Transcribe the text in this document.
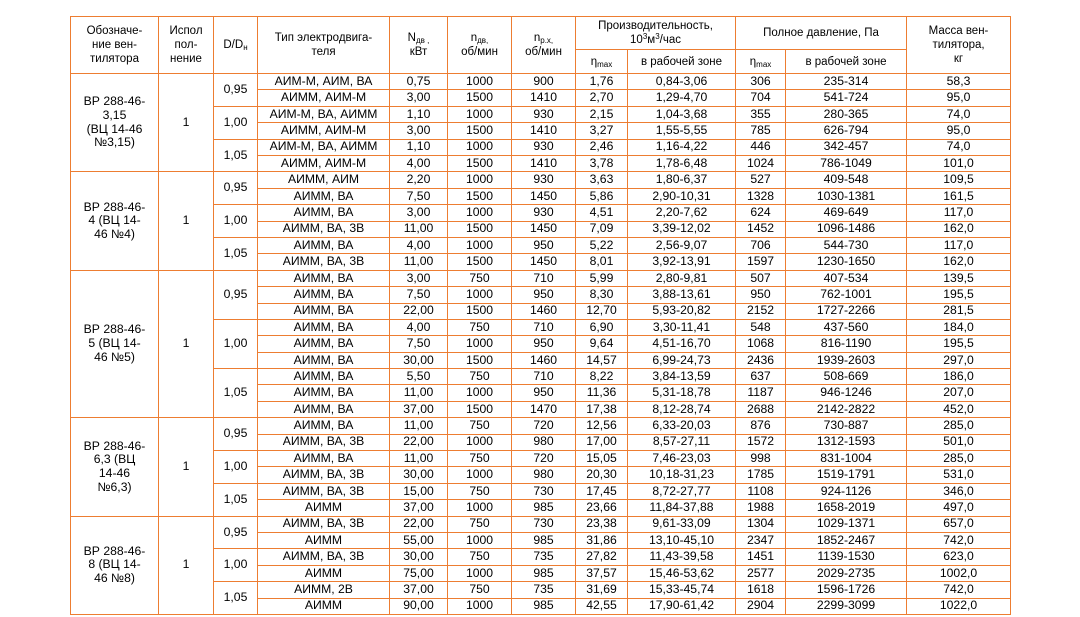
Обозначе-
ние вен-
тилятора	Испол
пол-
нение	$D/D_н$	Тип электродвига-
теля	$N_{дв ,}$
кВт	$n_{дв,}$
об/мин	$n_{р.х,}$
об/мин	Производительность,
$10^3м^3$/час		Полное давление, Па		Масса вен-
тилятора,
кг
							$\eta_{max}$	в рабочей зоне	$\eta_{max}$	в рабочей зоне	
ВР 288-46-
3,15
(ВЦ 14-46
№3,15)	1	0,95	АИМ-М, АИМ, ВА	0,75	1000	900	1,76	0,84-3,06	306	235-314	58,3
			АИММ, АИМ-М	3,00	1500	1410	2,70	1,29-4,70	704	541-724	95,0
		1,00	АИМ-М, ВА, АИММ	1,10	1000	930	2,15	1,04-3,68	355	280-365	74,0
			АИММ, АИМ-М	3,00	1500	1410	3,27	1,55-5,55	785	626-794	95,0
		1,05	АИМ-М, ВА, АИММ	1,10	1000	930	2,46	1,16-4,22	446	342-457	74,0
			АИММ, АИМ-М	4,00	1500	1410	3,78	1,78-6,48	1024	786-1049	101,0
ВР 288-46-
4 (ВЦ 14-
46 №4)	1	0,95	АИММ, АИМ	2,20	1000	930	3,63	1,80-6,37	527	409-548	109,5
			АИММ, ВА	7,50	1500	1450	5,86	2,90-10,31	1328	1030-1381	161,5
		1,00	АИММ, ВА	3,00	1000	930	4,51	2,20-7,62	624	469-649	117,0
			АИММ, ВА, 3В	11,00	1500	1450	7,09	3,39-12,02	1452	1096-1486	162,0
		1,05	АИММ, ВА	4,00	1000	950	5,22	2,56-9,07	706	544-730	117,0
			АИММ, ВА, 3В	11,00	1500	1450	8,01	3,92-13,91	1597	1230-1650	162,0
ВР 288-46-
5 (ВЦ 14-
46 №5)	1	0,95	АИММ, ВА	3,00	750	710	5,99	2,80-9,81	507	407-534	139,5
			АИММ, ВА	7,50	1000	950	8,30	3,88-13,61	950	762-1001	195,5
			АИММ, ВА	22,00	1500	1460	12,70	5,93-20,82	2152	1727-2266	281,5
		1,00	АИММ, ВА	4,00	750	710	6,90	3,30-11,41	548	437-560	184,0
			АИММ, ВА	7,50	1000	950	9,64	4,51-16,70	1068	816-1190	195,5
			АИММ, ВА	30,00	1500	1460	14,57	6,99-24,73	2436	1939-2603	297,0
		1,05	АИММ, ВА	5,50	750	710	8,22	3,84-13,59	637	508-669	186,0
			АИММ, ВА	11,00	1000	950	11,36	5,31-18,78	1187	946-1246	207,0
			АИММ, ВА	37,00	1500	1470	17,38	8,12-28,74	2688	2142-2822	452,0
ВР 288-46-
6,3 (ВЦ
14-46
№6,3)	1	0,95	АИММ, ВА	11,00	750	720	12,56	6,33-20,03	876	730-887	285,0
			АИММ, ВА, 3В	22,00	1000	980	17,00	8,57-27,11	1572	1312-1593	501,0
		1,00	АИММ, ВА	11,00	750	720	15,05	7,46-23,03	998	831-1004	285,0
			АИММ, ВА, 3В	30,00	1000	980	20,30	10,18-31,23	1785	1519-1791	531,0
		1,05	АИММ, ВА, 3В	15,00	750	730	17,45	8,72-27,77	1108	924-1126	346,0
			АИММ	37,00	1000	985	23,66	11,84-37,88	1988	1658-2019	497,0
ВР 288-46-
8 (ВЦ 14-
46 №8)	1	0,95	АИММ, ВА, 3В	22,00	750	730	23,38	9,61-33,09	1304	1029-1371	657,0
			АИММ	55,00	1000	985	31,86	13,10-45,10	2347	1852-2467	742,0
		1,00	АИММ, ВА, 3В	30,00	750	735	27,82	11,43-39,58	1451	1139-1530	623,0
			АИММ	75,00	1000	985	37,57	15,46-53,62	2577	2029-2735	1002,0
		1,05	АИММ, 2В	37,00	750	735	31,69	15,33-45,74	1618	1596-1726	742,0
			АИММ	90,00	1000	985	42,55	17,90-61,42	2904	2299-3099	1022,0
